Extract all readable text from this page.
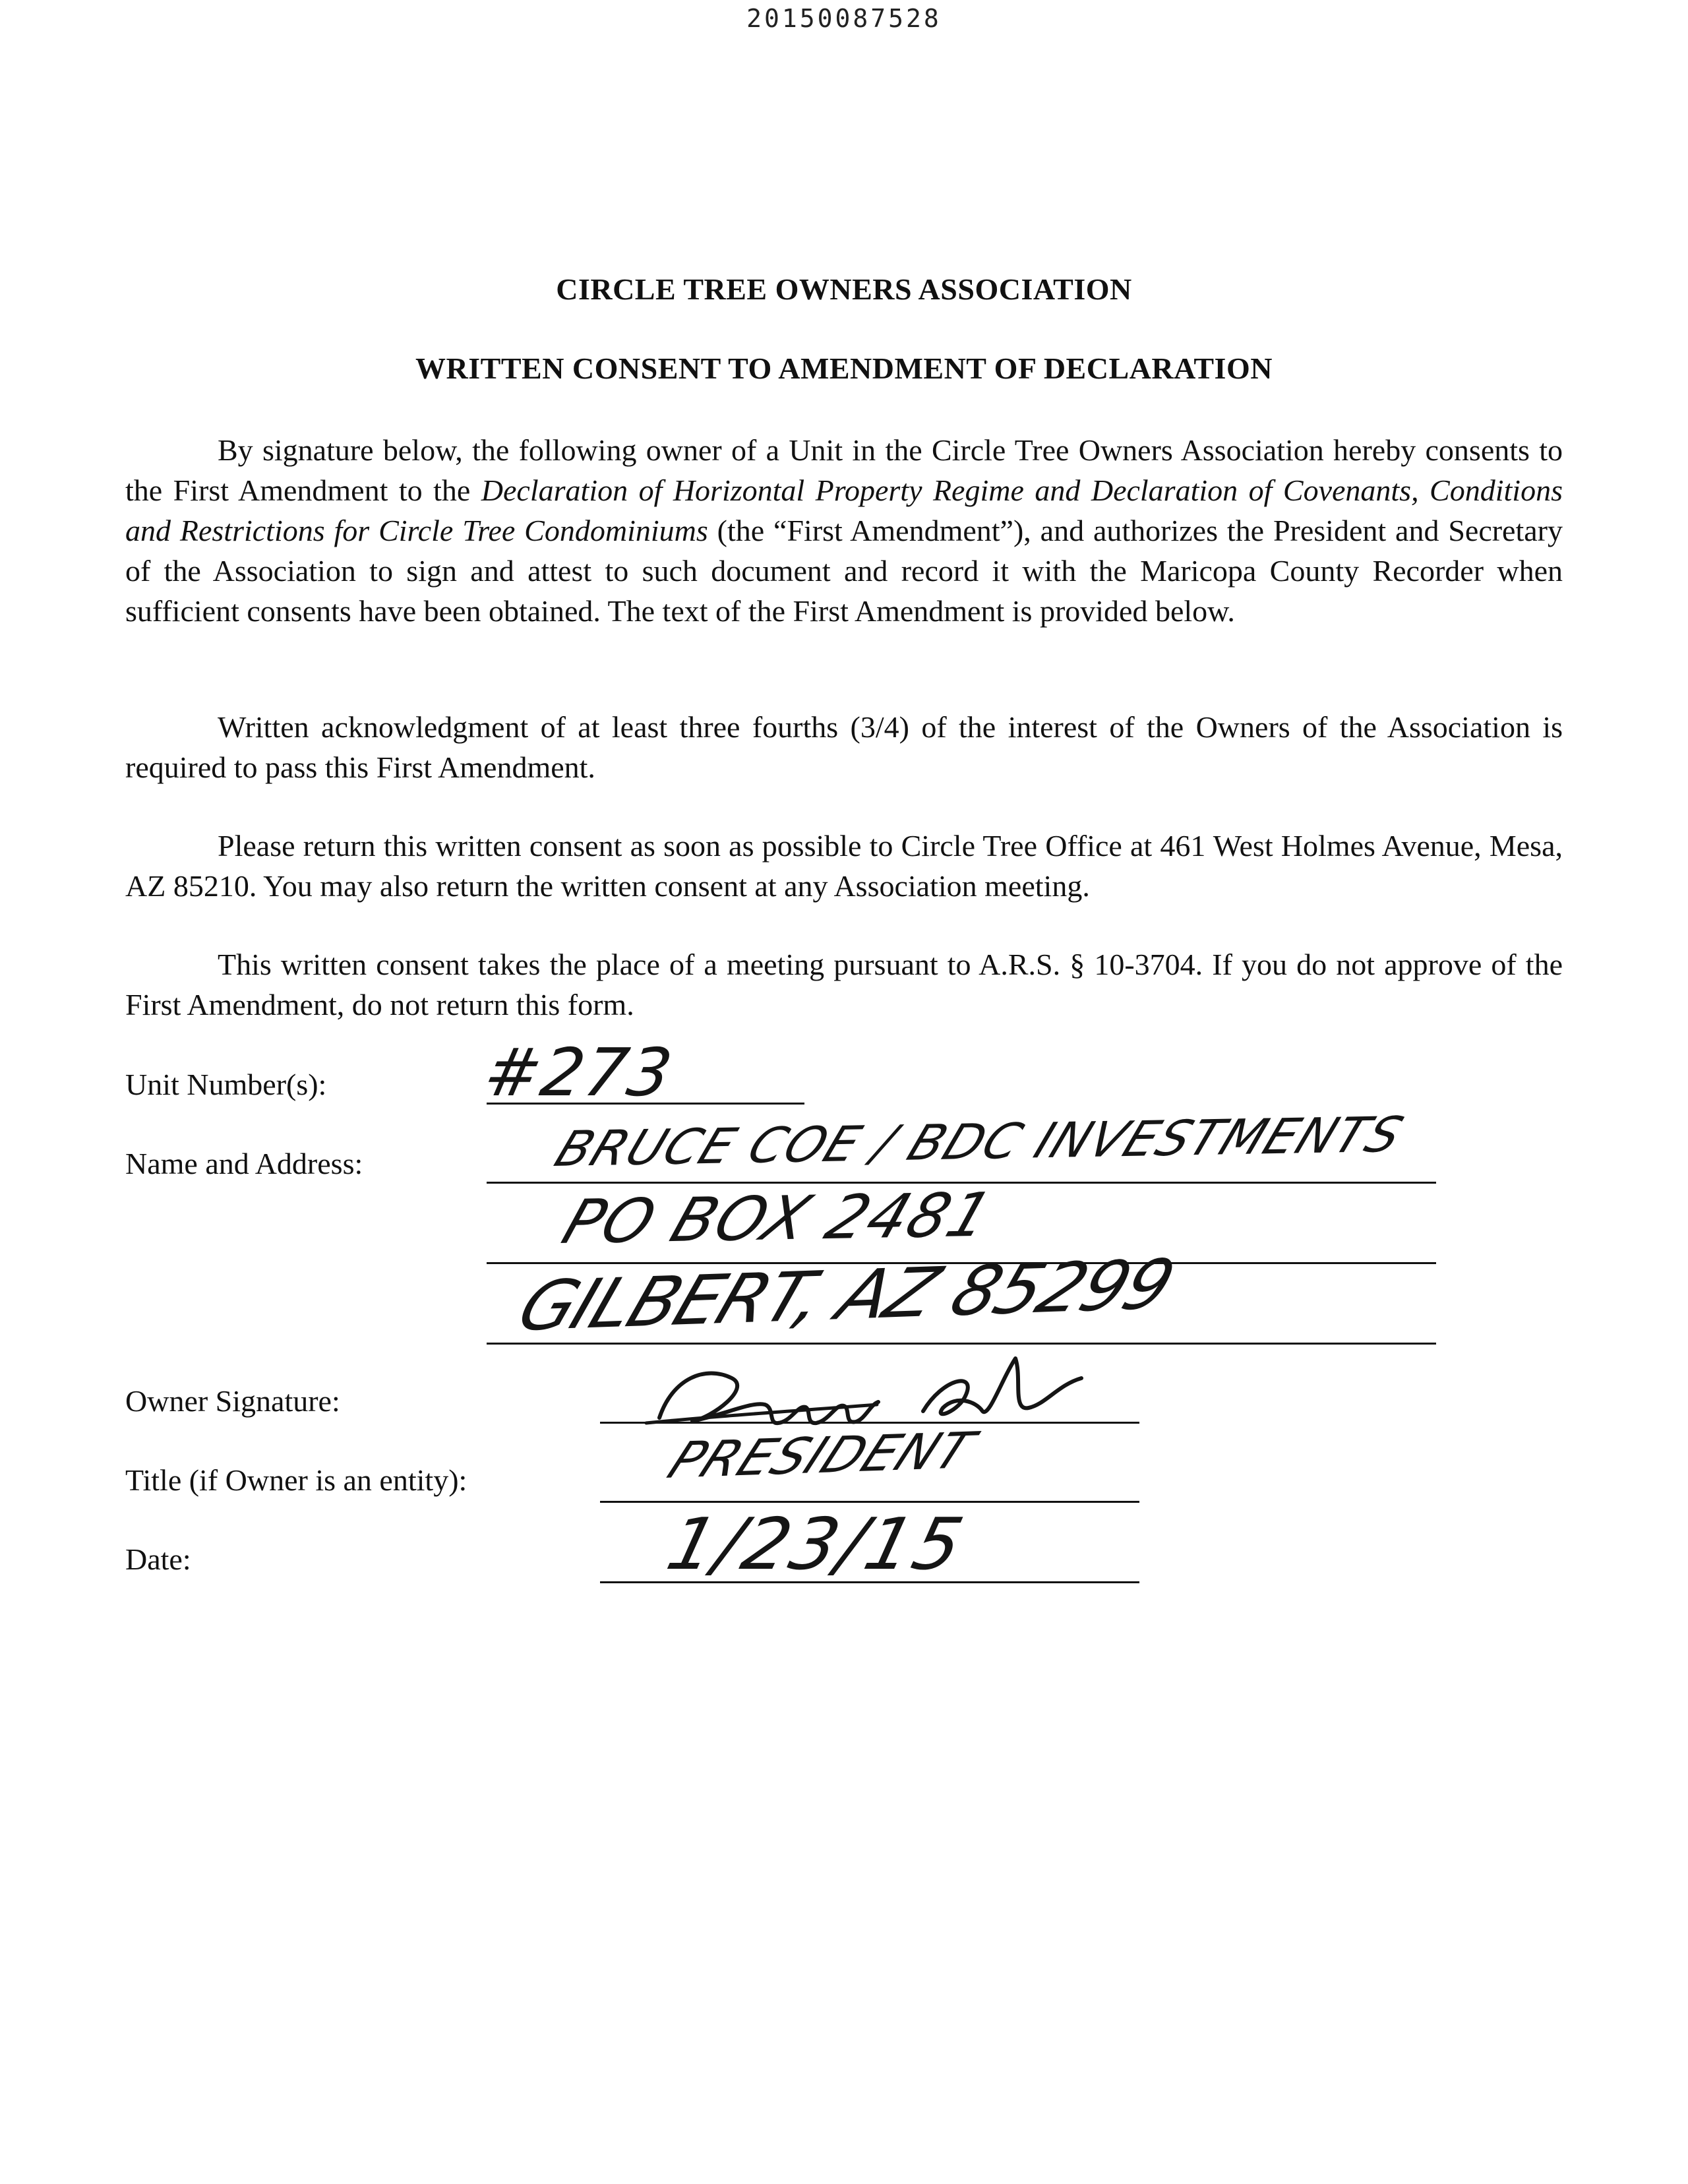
20150087528
CIRCLE TREE OWNERS ASSOCIATION
WRITTEN CONSENT TO AMENDMENT OF DECLARATION
By signature below, the following owner of a Unit in the Circle Tree Owners Association hereby consents to the First Amendment to the Declaration of Horizontal Property Regime and Declaration of Covenants, Conditions and Restrictions for Circle Tree Condominiums (the “First Amendment”), and authorizes the President and Secretary of the Association to sign and attest to such document and record it with the Maricopa County Recorder when sufficient consents have been obtained. The text of the First Amendment is provided below.
Written acknowledgment of at least three fourths (3/4) of the interest of the Owners of the Association is required to pass this First Amendment.
Please return this written consent as soon as possible to Circle Tree Office at 461 West Holmes Avenue, Mesa, AZ 85210. You may also return the written consent at any Association meeting.
This written consent takes the place of a meeting pursuant to A.R.S. § 10-3704. If you do not approve of the First Amendment, do not return this form.
Unit Number(s):
Name and Address:
Owner Signature:
Title (if Owner is an entity):
Date:
#273
BRUCE COE / BDC INVESTMENTS
PO BOX 2481
GILBERT, AZ 85299
PRESIDENT
1/23/15
